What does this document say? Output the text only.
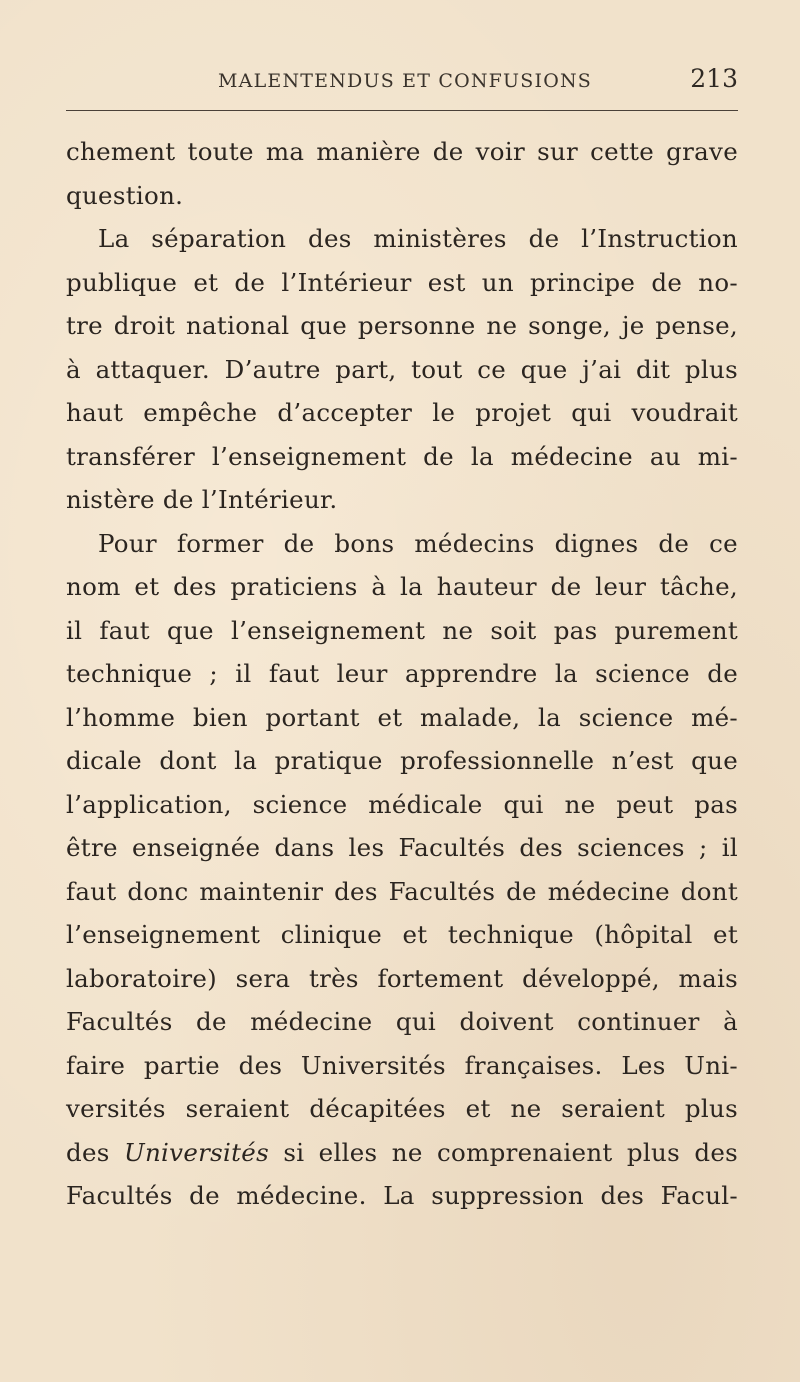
MALENTENDUS ET CONFUSIONS	213
chement toute ma manière de voir sur cette grave
question.
La séparation des ministères de l’Instruction
publique et de l’Intérieur est un principe de no-
tre droit national que personne ne songe, je pense,
à attaquer. D’autre part, tout ce que j’ai dit plus
haut empêche d’accepter le projet qui voudrait
transférer l’enseignement de la médecine au mi-
nistère de l’Intérieur.
Pour former de bons médecins dignes de ce
nom et des praticiens à la hauteur de leur tâche,
il faut que l’enseignement ne soit pas purement
technique ; il faut leur apprendre la science de
l’homme bien portant et malade, la science mé-
dicale dont la pratique professionnelle n’est que
l’application, science médicale qui ne peut pas
être enseignée dans les Facultés des sciences ; il
faut donc maintenir des Facultés de médecine dont
l’enseignement clinique et technique (hôpital et
laboratoire) sera très fortement développé, mais
Facultés de médecine qui doivent continuer à
faire partie des Universités françaises. Les Uni-
versités seraient décapitées et ne seraient plus
des Universités si elles ne comprenaient plus des
Facultés de médecine. La suppression des Facul-
